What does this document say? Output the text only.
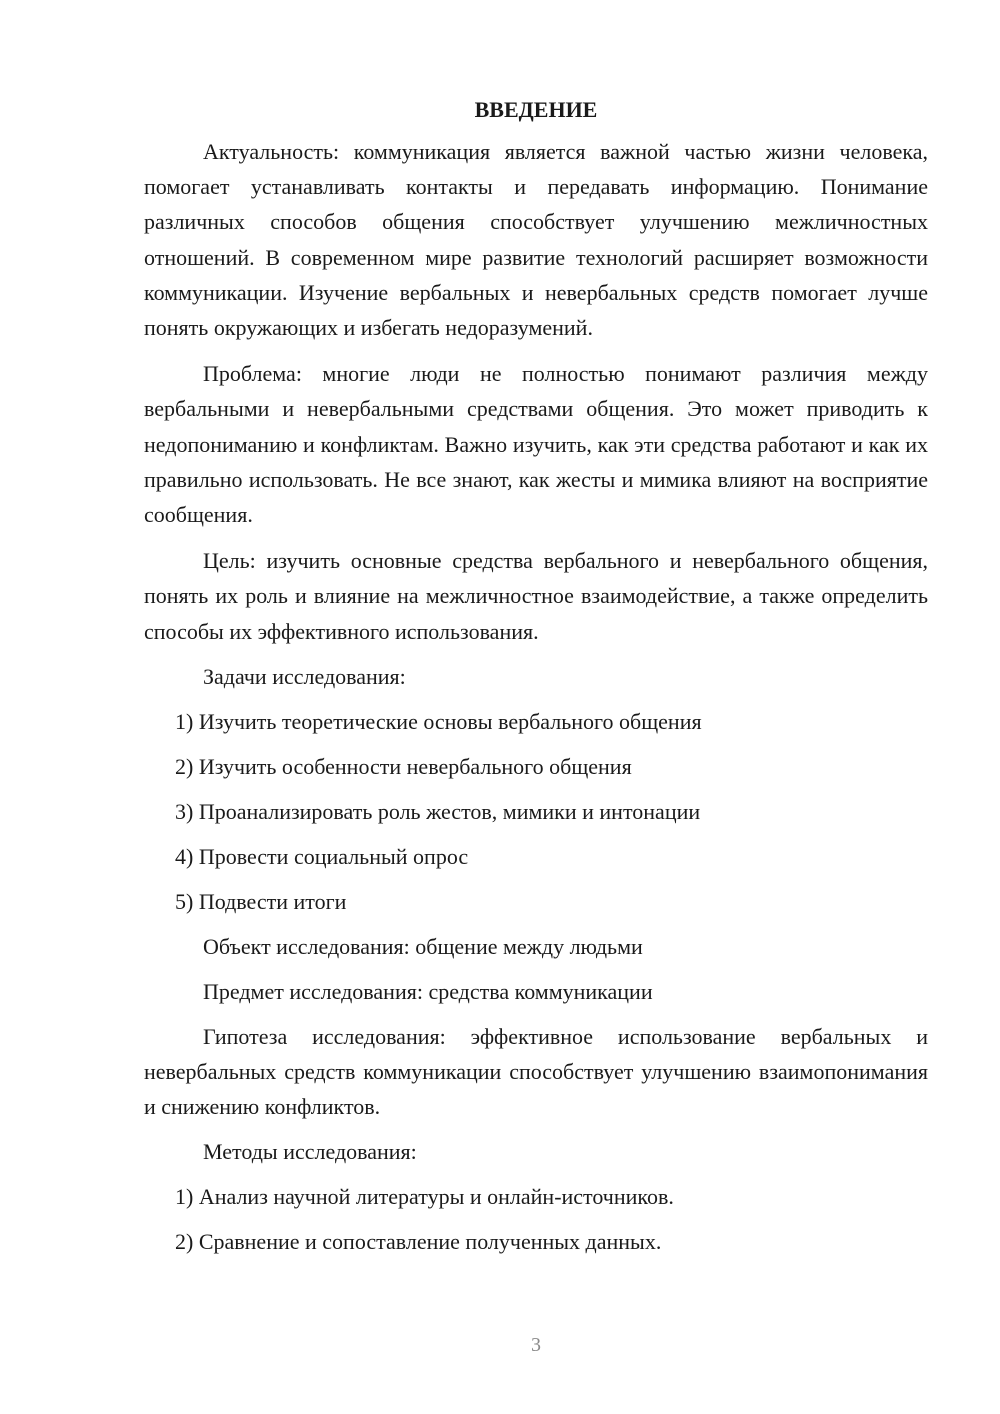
ВВЕДЕНИЕ

Актуальность: коммуникация является важной частью жизни человека, помогает устанавливать контакты и передавать информацию. Понимание различных способов общения способствует улучшению межличностных отношений. В современном мире развитие технологий расширяет возможности коммуникации. Изучение вербальных и невербальных средств помогает лучше понять окружающих и избегать недоразумений.

Проблема: многие люди не полностью понимают различия между вербальными и невербальными средствами общения. Это может приводить к недопониманию и конфликтам. Важно изучить, как эти средства работают и как их правильно использовать. Не все знают, как жесты и мимика влияют на восприятие сообщения.

Цель: изучить основные средства вербального и невербального общения, понять их роль и влияние на межличностное взаимодействие, а также определить способы их эффективного использования.

Задачи исследования:

1) Изучить теоретические основы вербального общения

2) Изучить особенности невербального общения

3) Проанализировать роль жестов, мимики и интонации

4) Провести социальный опрос

5) Подвести итоги

Объект исследования: общение между людьми

Предмет исследования: средства коммуникации

Гипотеза исследования: эффективное использование вербальных и невербальных средств коммуникации способствует улучшению взаимопонимания и снижению конфликтов.

Методы исследования:

1) Анализ научной литературы и онлайн-источников.

2) Сравнение и сопоставление полученных данных.

3
